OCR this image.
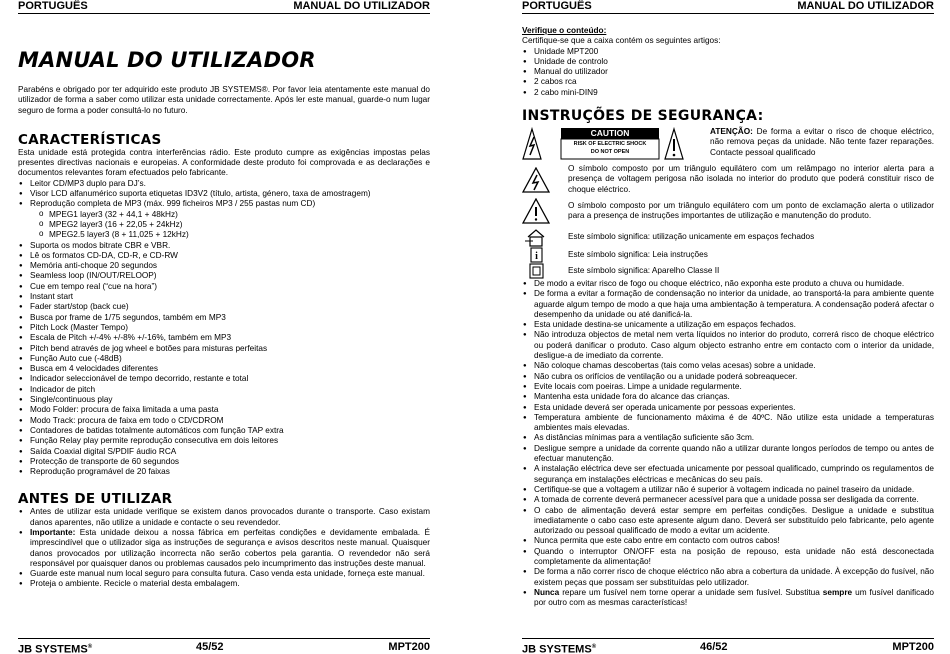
PORTUGUÊS	MANUAL DO UTILIZADOR
MANUAL DO UTILIZADOR

Parabéns e obrigado por ter adquirido este produto JB SYSTEMS®. Por favor leia atentamente este manual do utilizador de forma a saber como utilizar esta unidade correctamente. Após ler este manual, guarde-o num lugar seguro de forma a poder consultá-lo no futuro.

CARACTERÍSTICAS

Esta unidade está protegida contra interferências rádio. Este produto cumpre as exigências impostas pelas presentes directivas nacionais e europeias. A conformidade deste produto foi comprovada e as declarações e documentos relevantes foram efectuados pelo fabricante.

● Leitor CD/MP3 duplo para DJ’s.
● Visor LCD alfanumérico suporta etiquetas ID3V2 (título, artista, género, taxa de amostragem)
● Reprodução completa de MP3 (máx. 999 ficheiros MP3 / 255 pastas num CD)
o MPEG1 layer3 (32 + 44,1 + 48kHz)
o MPEG2 layer3 (16 + 22,05 + 24kHz)
o MPEG2.5 layer3 (8 + 11,025 + 12kHz)
● Suporta os modos bitrate CBR e VBR.
● Lê os formatos CD-DA, CD-R, e CD-RW
● Memória anti-choque 20 segundos
● Seamless loop (IN/OUT/RELOOP)
● Cue em tempo real (“cue na hora”)
● Instant start
● Fader start/stop (back cue)
● Busca por frame de 1/75 segundos, também em MP3
● Pitch Lock (Master Tempo)
● Escala de Pitch +/-4% +/-8% +/-16%, também em MP3
● Pitch bend através de jog wheel e botões para misturas perfeitas
● Função Auto cue (-48dB)
● Busca em 4 velocidades diferentes
● Indicador seleccionável de tempo decorrido, restante e total
● Indicador de pitch
● Single/continuous play
● Modo Folder: procura de faixa limitada a uma pasta
● Modo Track: procura de faixa em todo o CD/CDROM
● Contadores de batidas totalmente automáticos com função TAP extra
● Função Relay play permite reprodução consecutiva em dois leitores
● Saída Coaxial digital S/PDIF áudio RCA
● Protecção de transporte de 60 segundos
● Reprodução programável de 20 faixas
ANTES DE UTILIZAR
● Antes de utilizar esta unidade verifique se existem danos provocados durante o transporte. Caso existam danos aparentes, não utilize a unidade e contacte o seu revendedor.
● Importante: Esta unidade deixou a nossa fábrica em perfeitas condições e devidamente embalada. É imprescindível que o utilizador siga as instruções de segurança e avisos descritos neste manual. Quaisquer danos provocados por utilização incorrecta não serão cobertos pela garantia. O revendedor não será responsável por quaisquer danos ou problemas causados pelo incumprimento das instruções deste manual.
● Guarde este manual num local seguro para consulta futura. Caso venda esta unidade, forneça este manual.
● Proteja o ambiente. Recicle o material desta embalagem.
JB SYSTEMS®	45/52	MPT200
PORTUGUÊS	MANUAL DO UTILIZADOR
Verifique o conteúdo:
Certifique-se que a caixa contém os seguintes artigos:
● Unidade MPT200
● Unidade de controlo
● Manual do utilizador
● 2 cabos rca
● 2 cabo mini-DIN9
INSTRUÇÕES DE SEGURANÇA:
CAUTION
RISK OF ELECTRIC SHOCK
DO NOT OPEN

ATENÇÃO: De forma a evitar o risco de choque eléctrico, não remova peças da unidade. Não tente fazer reparações. Contacte pessoal qualificado

O símbolo composto por um triângulo equilátero com um relâmpago no interior alerta para a presença de voltagem perigosa não isolada no interior do produto que poderá constituir risco de choque eléctrico.

O símbolo composto por um triângulo equilátero com um ponto de exclamação alerta o utilizador para a presença de instruções importantes de utilização e manutenção do produto.

Este símbolo significa: utilização unicamente em espaços fechados
i	Este símbolo significa: Leia instruções
Este símbolo significa: Aparelho Classe II
● De modo a evitar risco de fogo ou choque eléctrico, não exponha este produto a chuva ou humidade.
● De forma a evitar a formação de condensação no interior da unidade, ao transportá-la para ambiente quente aguarde algum tempo de modo a que haja uma ambientação à temperatura. A condensação poderá afectar o desempenho da unidade ou até danificá-la.
● Esta unidade destina-se unicamente a utilização em espaços fechados.
● Não introduza objectos de metal nem verta líquidos no interior do produto, correrá risco de choque eléctrico ou poderá danificar o produto. Caso algum objecto estranho entre em contacto com o interior da unidade, desligue-a de imediato da corrente.
● Não coloque chamas descobertas (tais como velas acesas) sobre a unidade.
● Não cubra os orifícios de ventilação ou a unidade poderá sobreaquecer.
● Evite locais com poeiras. Limpe a unidade regularmente.
● Mantenha esta unidade fora do alcance das crianças.
● Esta unidade deverá ser operada unicamente por pessoas experientes.
● Temperatura ambiente de funcionamento máxima é de 40ºC. Não utilize esta unidade a temperaturas ambientes mais elevadas.
● As distâncias mínimas para a ventilação suficiente são 3cm.
● Desligue sempre a unidade da corrente quando não a utilizar durante longos períodos de tempo ou antes de efectuar manutenção.
● A instalação eléctrica deve ser efectuada unicamente por pessoal qualificado, cumprindo os regulamentos de segurança em instalações eléctricas e mecânicas do seu país.
● Certifique-se que a voltagem a utilizar não é superior à voltagem indicada no painel traseiro da unidade.
● A tomada de corrente deverá permanecer acessível para que a unidade possa ser desligada da corrente.
● O cabo de alimentação deverá estar sempre em perfeitas condições. Desligue a unidade e substitua imediatamente o cabo caso este apresente algum dano. Deverá ser substituído pelo fabricante, pelo agente autorizado ou pessoal qualificado de modo a evitar um acidente.
● Nunca permita que este cabo entre em contacto com outros cabos!
● Quando o interruptor ON/OFF esta na posição de repouso, esta unidade não está desconectada completamente da alimentação!
● De forma a não correr risco de choque eléctrico não abra a cobertura da unidade. À excepção do fusível, não existem peças que possam ser substituídas pelo utilizador.
● Nunca repare um fusível nem torne operar a unidade sem fusível. Substitua sempre um fusível danificado por outro com as mesmas características!
JB SYSTEMS®	46/52	MPT200
